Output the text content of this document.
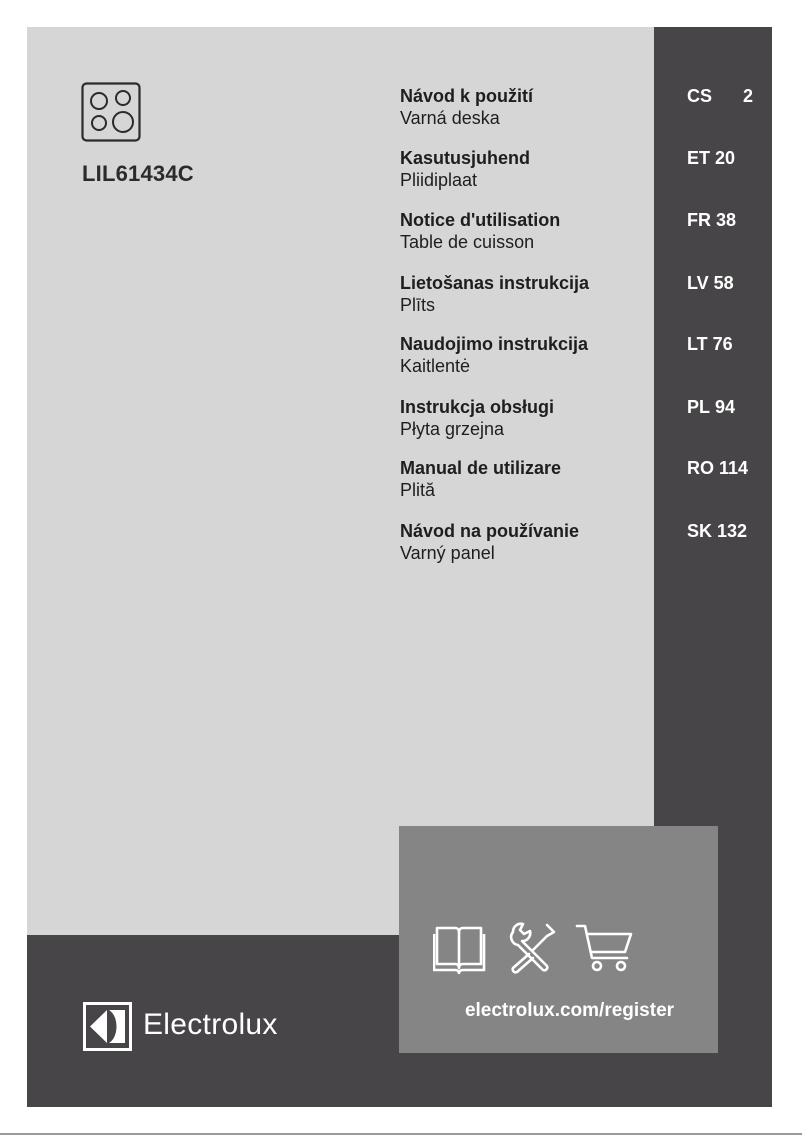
LIL61434C
Návod k použití
Varná deska
CS 2
Kasutusjuhend
Pliidiplaat
ET 20
Notice d'utilisation
Table de cuisson
FR 38
Lietošanas instrukcija
Plīts
LV 58
Naudojimo instrukcija
Kaitlentė
LT 76
Instrukcja obsługi
Płyta grzejna
PL 94
Manual de utilizare
Plită
RO 114
Návod na používanie
Varný panel
SK 132
electrolux.com/register
Electrolux
